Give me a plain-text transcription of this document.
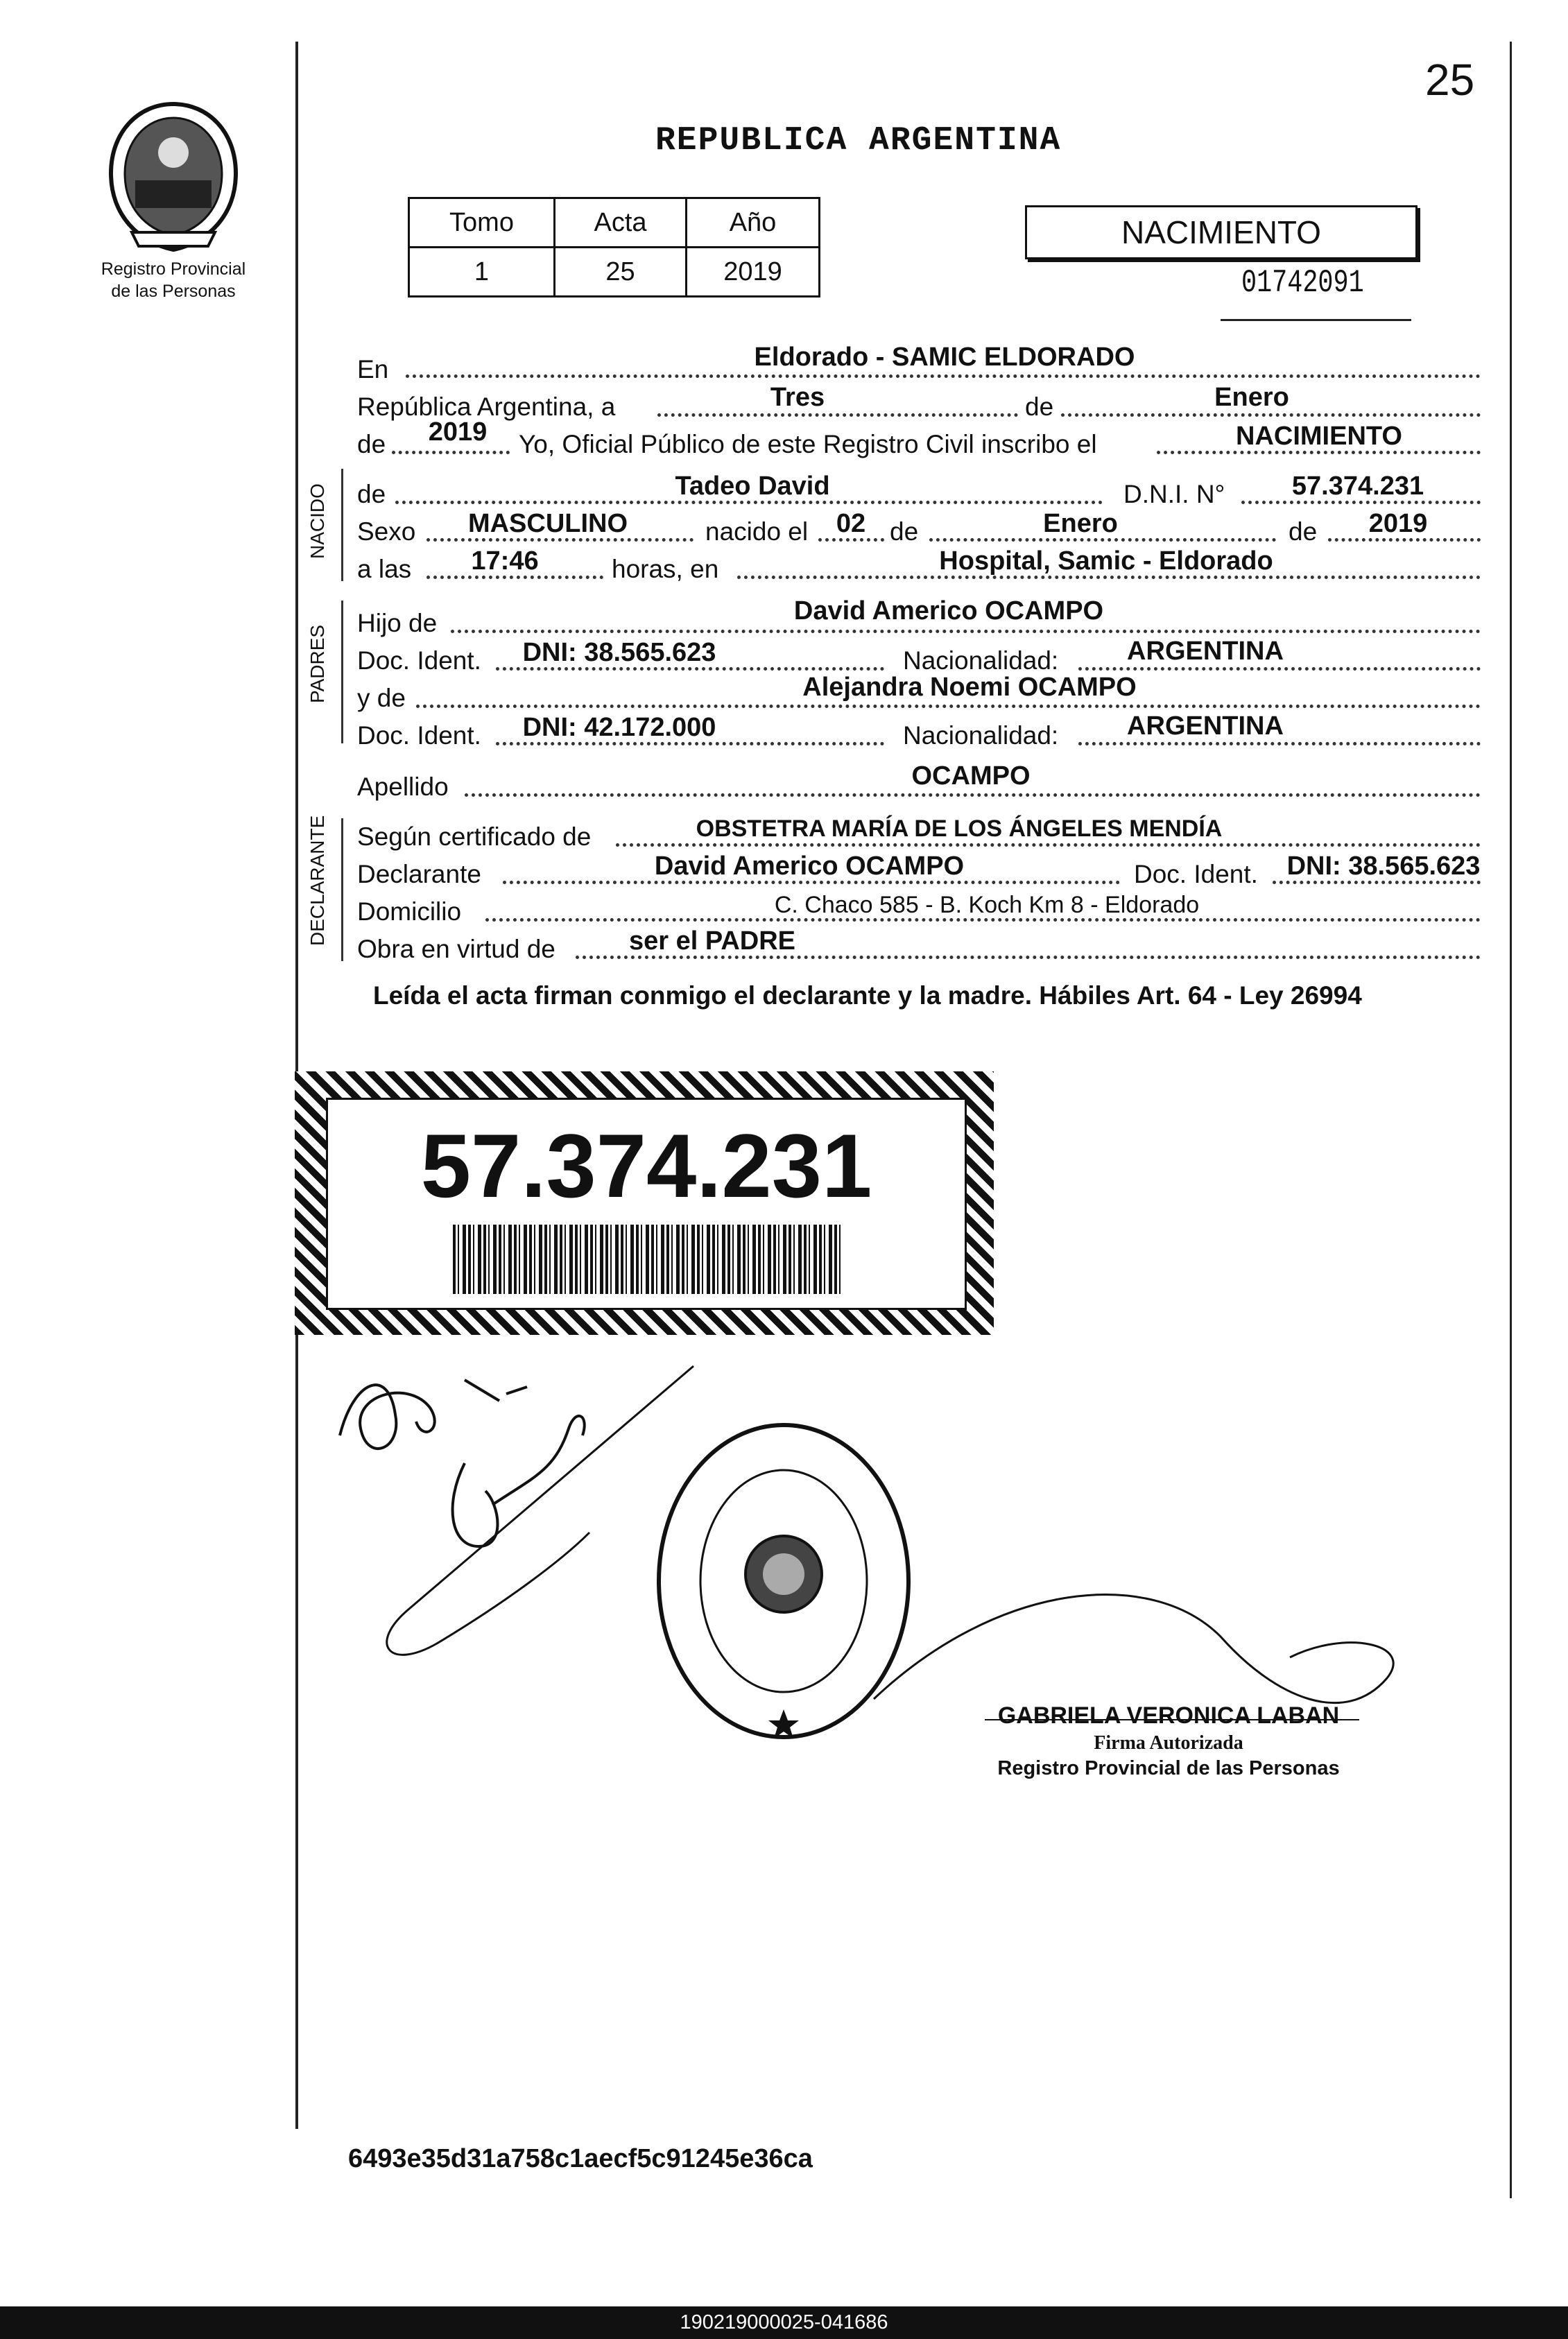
25
Registro Provincial
de las Personas
REPUBLICA ARGENTINA
Tomo	Acta	Año
1	25	2019
NACIMIENTO
01742091
En	Eldorado - SAMIC ELDORADO
República Argentina, a	Tres	de	Enero
de 2019 Yo, Oficial Público de este Registro Civil inscribo el	NACIMIENTO
NACIDO de	Tadeo David	D.N.I. N°	57.374.231
Sexo MASCULINO	nacido el 02 de	Enero	de 2019
a las 17:46	horas, en	Hospital, Samic - Eldorado
PADRES
Hijo de	David Americo OCAMPO
Doc. Ident. DNI: 38.565.623	Nacionalidad:	ARGENTINA
y de	Alejandra Noemi OCAMPO
Doc. Ident. DNI: 42.172.000	Nacionalidad:	ARGENTINA
Apellido	OCAMPO
DECLARANTE Según certificado de	OBSTETRA MARÍA DE LOS ÁNGELES MENDÍA
Declarante	David Americo OCAMPO	Doc. Ident. DNI: 38.565.623
Domicilio	C. Chaco 585 - B. Koch Km 8 - Eldorado
Obra en virtud de	ser el PADRE
Leída el acta firman conmigo el declarante y la madre. Hábiles Art. 64 - Ley 26994
57.374.231
GABRIELA VERONICA LABAN
Firma Autorizada
Registro Provincial de las Personas
6493e35d31a758c1aecf5c91245e36ca
190219000025-041686
